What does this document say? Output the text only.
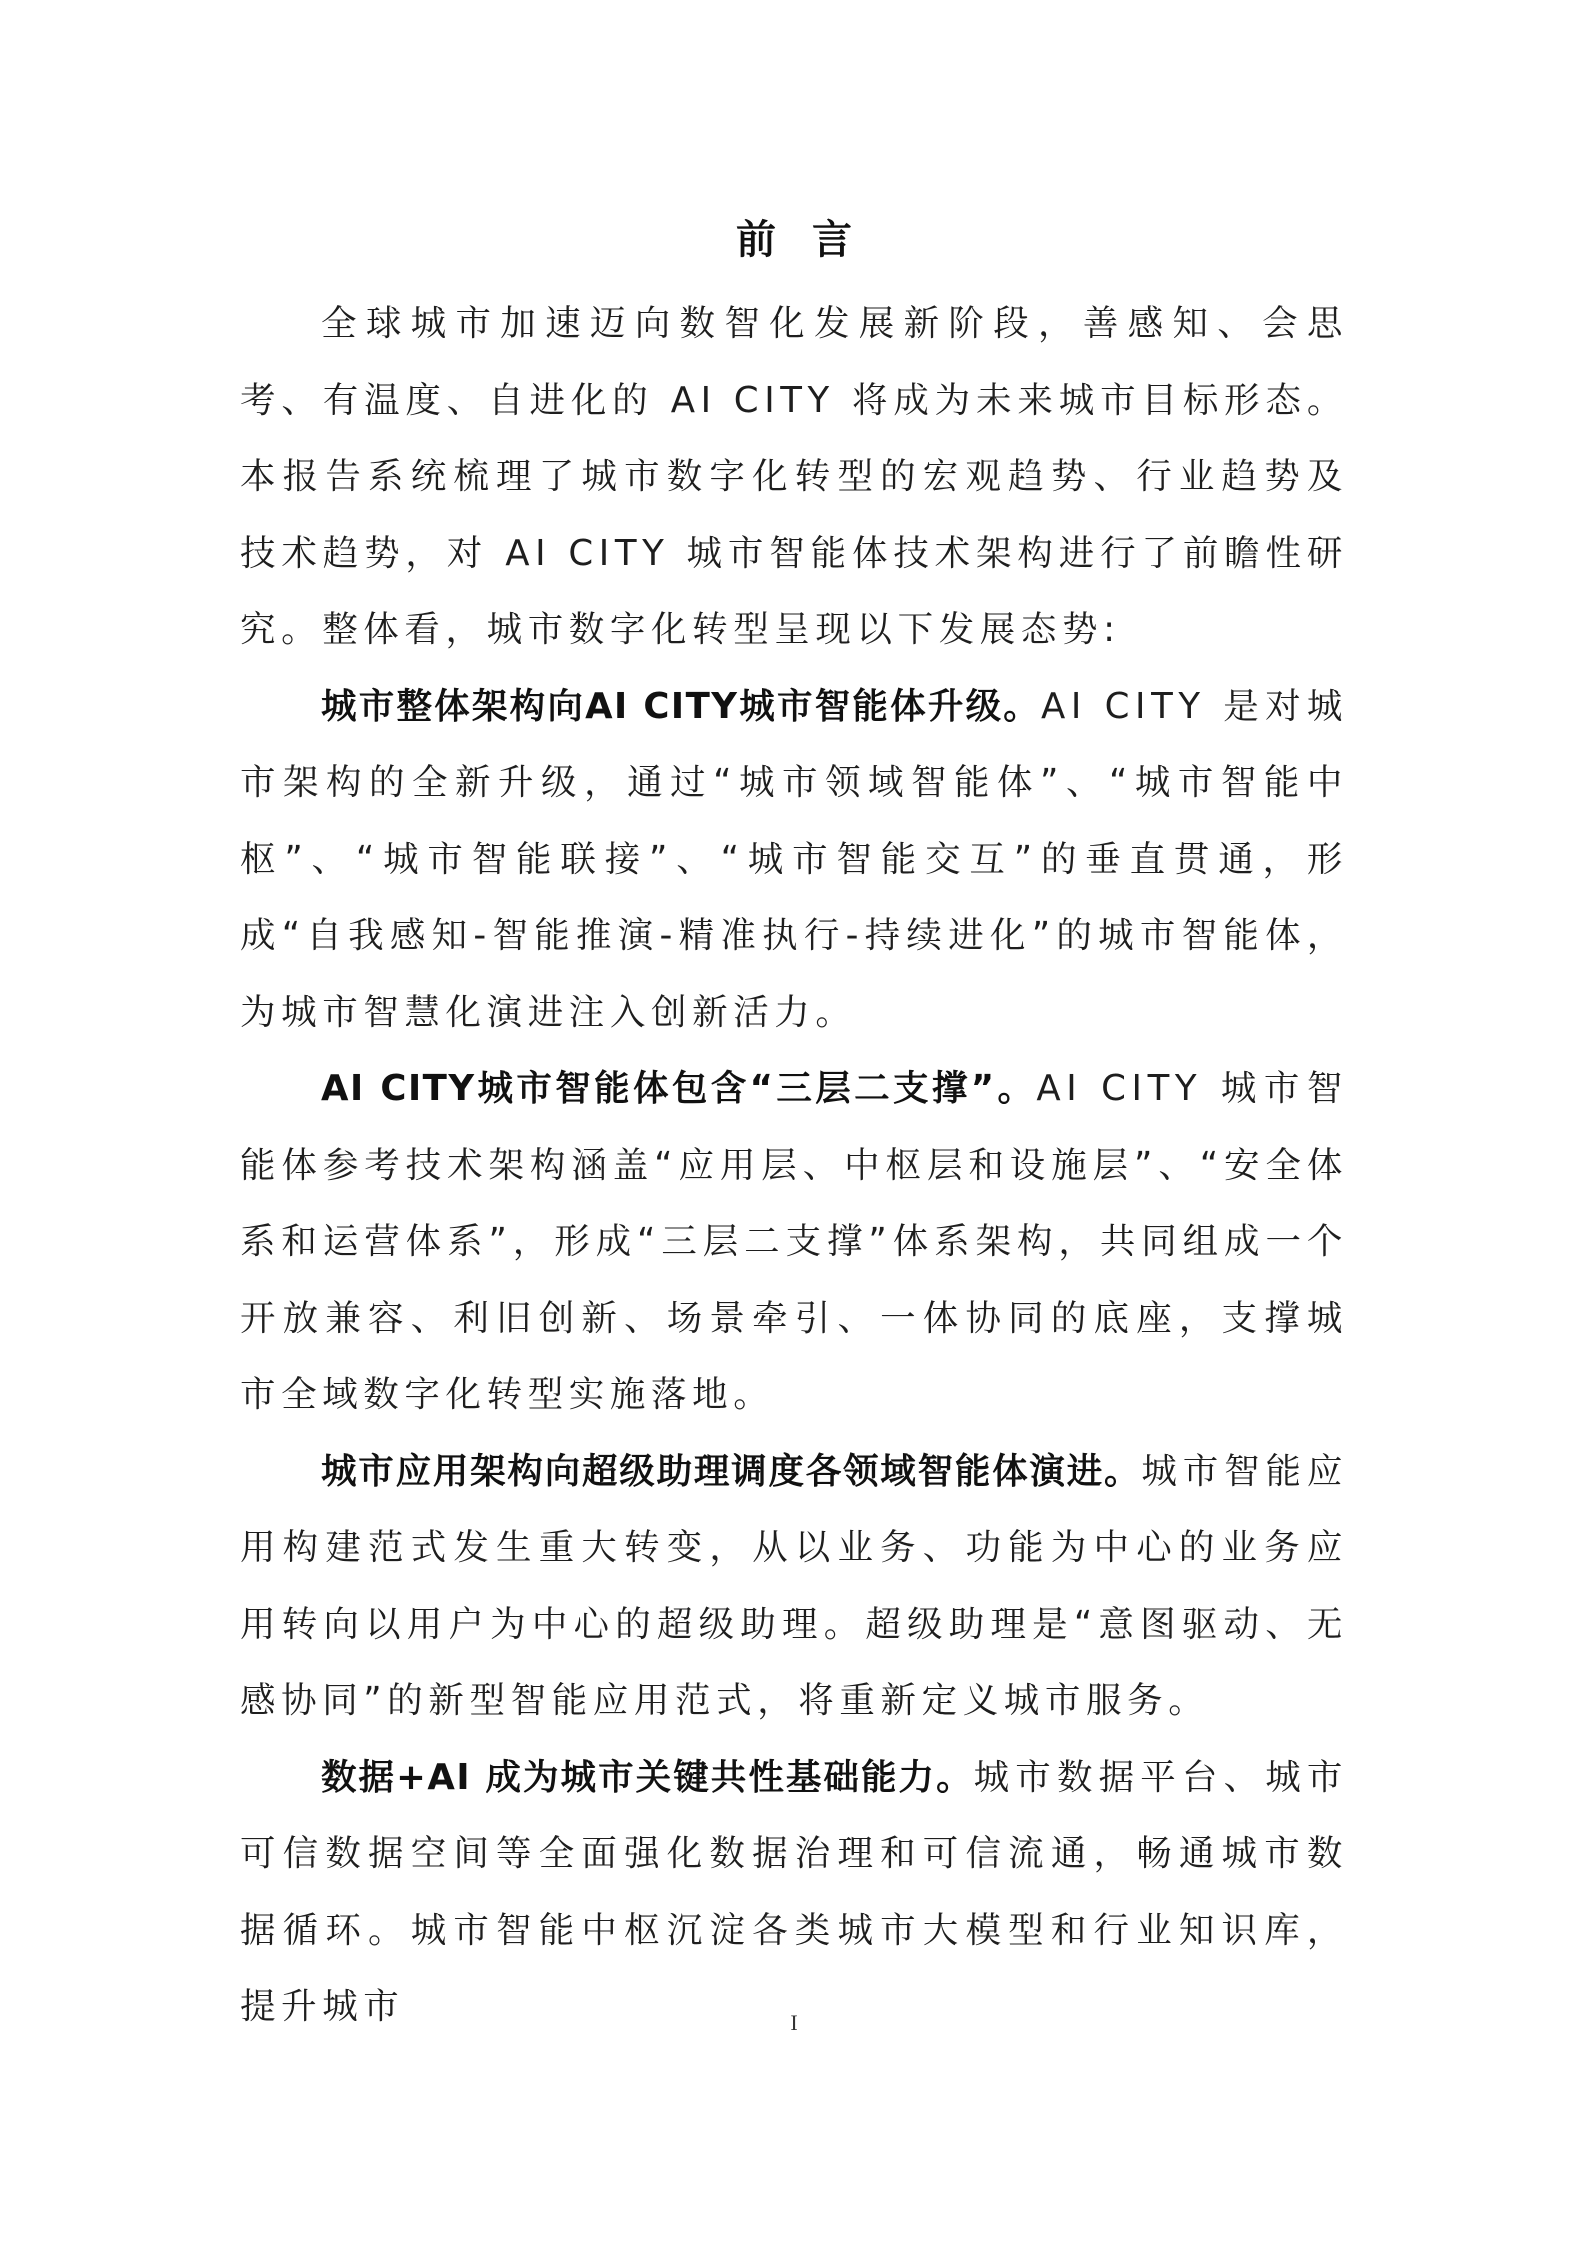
前言

全球城市加速迈向数智化发展新阶段，善感知、会思考、有温度、自进化的 AI CITY 将成为未来城市目标形态。本报告系统梳理了城市数字化转型的宏观趋势、行业趋势及技术趋势，对 AI CITY 城市智能体技术架构进行了前瞻性研究。整体看，城市数字化转型呈现以下发展态势:

城市整体架构向AI CITY城市智能体升级。AI CITY 是对城市架构的全新升级，通过“城市领域智能体”、“城市智能中枢”、“城市智能联接”、“城市智能交互”的垂直贯通，形成“自我感知-智能推演-精准执行-持续进化”的城市智能体，为城市智慧化演进注入创新活力。

AI CITY城市智能体包含“三层二支撑”。AI CITY 城市智能体参考技术架构涵盖“应用层、中枢层和设施层”、“安全体系和运营体系”，形成“三层二支撑”体系架构，共同组成一个开放兼容、利旧创新、场景牵引、一体协同的底座，支撑城市全域数字化转型实施落地。

城市应用架构向超级助理调度各领域智能体演进。城市智能应用构建范式发生重大转变，从以业务、功能为中心的业务应用转向以用户为中心的超级助理。超级助理是“意图驱动、无感协同”的新型智能应用范式，将重新定义城市服务。

数据+AI 成为城市关键共性基础能力。城市数据平台、城市可信数据空间等全面强化数据治理和可信流通，畅通城市数据循环。城市智能中枢沉淀各类城市大模型和行业知识库，提升城市	I
